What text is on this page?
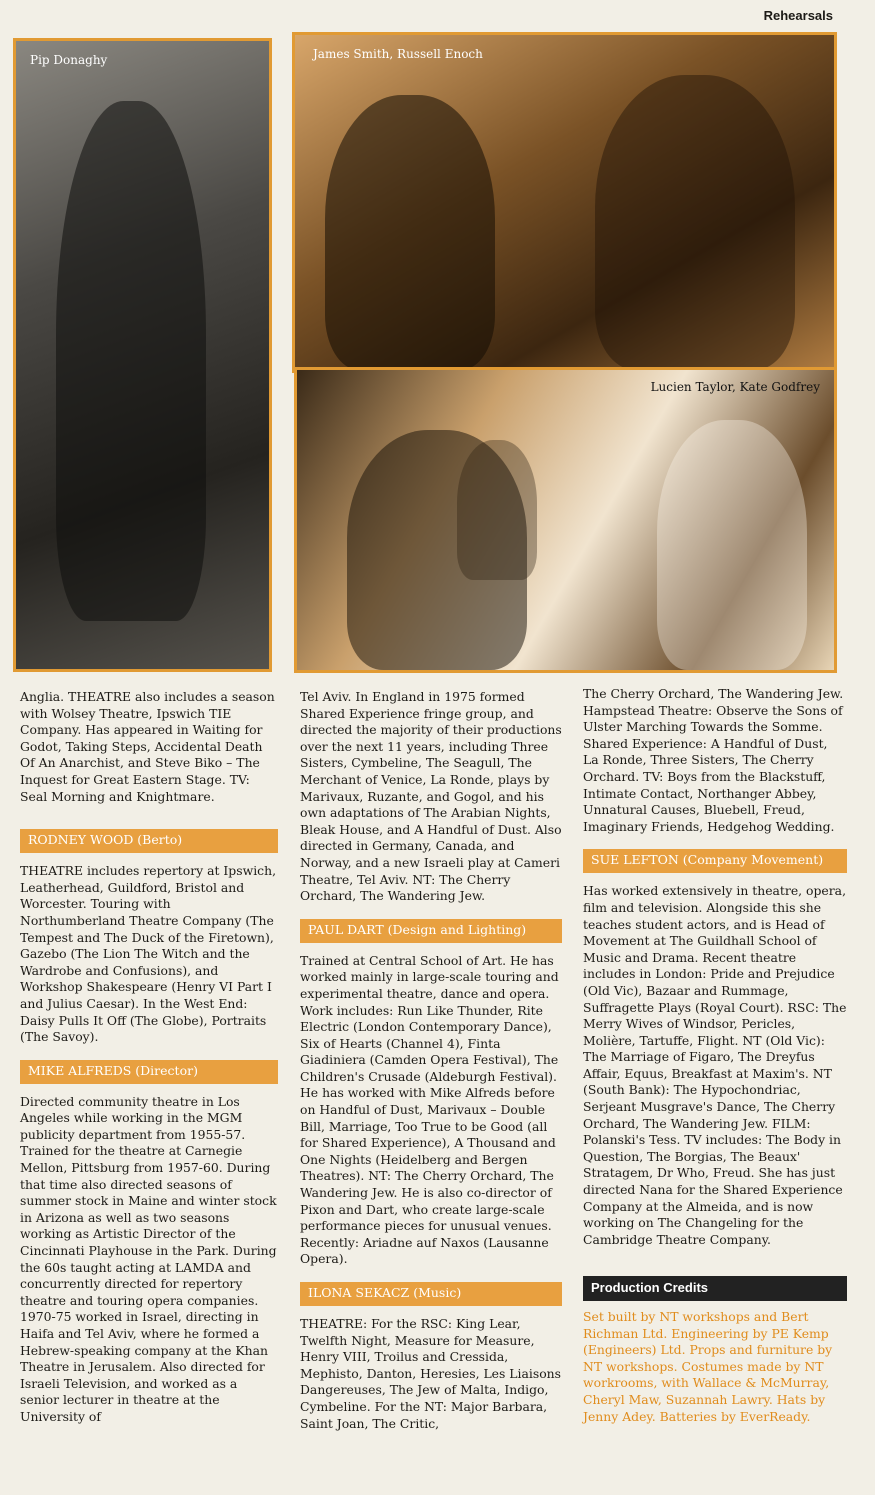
Rehearsals
Pip Donaghy	James Smith, Russell Enoch
Lucien Taylor, Kate Godfrey

Anglia. THEATRE also includes a season with Wolsey Theatre, Ipswich TIE Company. Has appeared in Waiting for Godot, Taking Steps, Accidental Death Of An Anarchist, and Steve Biko – The Inquest for Great Eastern Stage. TV: Seal Morning and Knightmare.

RODNEY WOOD (Berto)

THEATRE includes repertory at Ipswich, Leatherhead, Guildford, Bristol and Worcester. Touring with Northumberland Theatre Company (The Tempest and The Duck of the Firetown), Gazebo (The Lion The Witch and the Wardrobe and Confusions), and Workshop Shakespeare (Henry VI Part I and Julius Caesar). In the West End: Daisy Pulls It Off (The Globe), Portraits (The Savoy).

MIKE ALFREDS (Director)

Directed community theatre in Los Angeles while working in the MGM publicity department from 1955-57. Trained for the theatre at Carnegie Mellon, Pittsburg from 1957-60. During that time also directed seasons of summer stock in Maine and winter stock in Arizona as well as two seasons working as Artistic Director of the Cincinnati Playhouse in the Park. During the 60s taught acting at LAMDA and concurrently directed for repertory theatre and touring opera companies. 1970-75 worked in Israel, directing in Haifa and Tel Aviv, where he formed a Hebrew-speaking company at the Khan Theatre in Jerusalem. Also directed for Israeli Television, and worked as a senior lecturer in theatre at the University of

Tel Aviv. In England in 1975 formed Shared Experience fringe group, and directed the majority of their productions over the next 11 years, including Three Sisters, Cymbeline, The Seagull, The Merchant of Venice, La Ronde, plays by Marivaux, Ruzante, and Gogol, and his own adaptations of The Arabian Nights, Bleak House, and A Handful of Dust. Also directed in Germany, Canada, and Norway, and a new Israeli play at Cameri Theatre, Tel Aviv. NT: The Cherry Orchard, The Wandering Jew.

PAUL DART (Design and Lighting)

Trained at Central School of Art. He has worked mainly in large-scale touring and experimental theatre, dance and opera. Work includes: Run Like Thunder, Rite Electric (London Contemporary Dance), Six of Hearts (Channel 4), Finta Giadiniera (Camden Opera Festival), The Children's Crusade (Aldeburgh Festival). He has worked with Mike Alfreds before on Handful of Dust, Marivaux – Double Bill, Marriage, Too True to be Good (all for Shared Experience), A Thousand and One Nights (Heidelberg and Bergen Theatres). NT: The Cherry Orchard, The Wandering Jew. He is also co-director of Pixon and Dart, who create large-scale performance pieces for unusual venues. Recently: Ariadne auf Naxos (Lausanne Opera).

ILONA SEKACZ (Music)

THEATRE: For the RSC: King Lear, Twelfth Night, Measure for Measure, Henry VIII, Troilus and Cressida, Mephisto, Danton, Heresies, Les Liaisons Dangereuses, The Jew of Malta, Indigo, Cymbeline. For the NT: Major Barbara, Saint Joan, The Critic,

The Cherry Orchard, The Wandering Jew. Hampstead Theatre: Observe the Sons of Ulster Marching Towards the Somme. Shared Experience: A Handful of Dust, La Ronde, Three Sisters, The Cherry Orchard. TV: Boys from the Blackstuff, Intimate Contact, Northanger Abbey, Unnatural Causes, Bluebell, Freud, Imaginary Friends, Hedgehog Wedding.

SUE LEFTON (Company Movement)

Has worked extensively in theatre, opera, film and television. Alongside this she teaches student actors, and is Head of Movement at The Guildhall School of Music and Drama. Recent theatre includes in London: Pride and Prejudice (Old Vic), Bazaar and Rummage, Suffragette Plays (Royal Court). RSC: The Merry Wives of Windsor, Pericles, Molière, Tartuffe, Flight. NT (Old Vic): The Marriage of Figaro, The Dreyfus Affair, Equus, Breakfast at Maxim's. NT (South Bank): The Hypochondriac, Serjeant Musgrave's Dance, The Cherry Orchard, The Wandering Jew. FILM: Polanski's Tess. TV includes: The Body in Question, The Borgias, The Beaux' Stratagem, Dr Who, Freud. She has just directed Nana for the Shared Experience Company at the Almeida, and is now working on The Changeling for the Cambridge Theatre Company.

Production Credits

Set built by NT workshops and Bert Richman Ltd. Engineering by PE Kemp (Engineers) Ltd. Props and furniture by NT workshops. Costumes made by NT workrooms, with Wallace & McMurray, Cheryl Maw, Suzannah Lawry. Hats by Jenny Adey. Batteries by EverReady.
